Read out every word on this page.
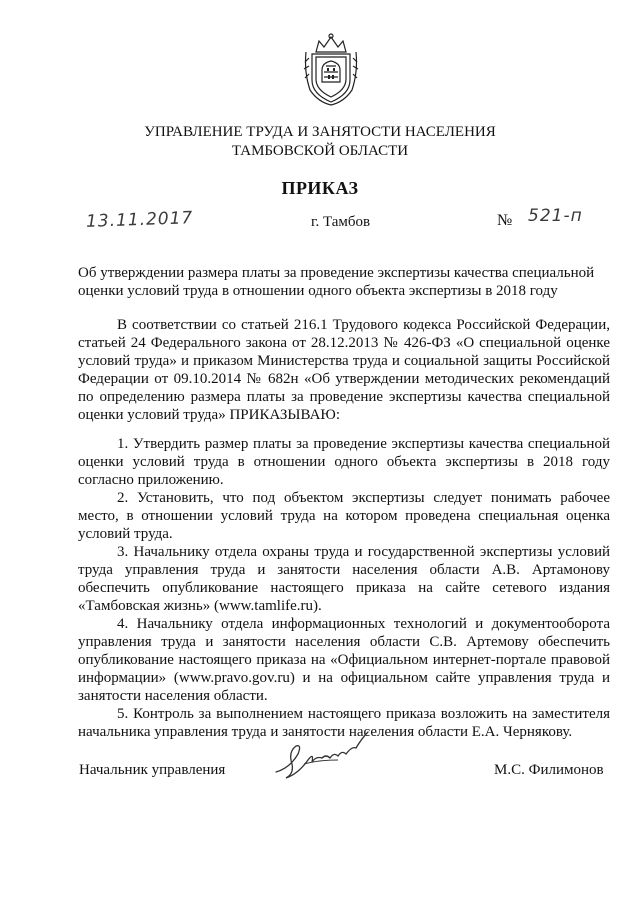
УПРАВЛЕНИЕ ТРУДА И ЗАНЯТОСТИ НАСЕЛЕНИЯ
ТАМБОВСКОЙ ОБЛАСТИ
ПРИКАЗ
13.11.2017	г. Тамбов	№ 521-п
Об утверждении размера платы за проведение экспертизы качества специальной оценки условий труда в отношении одного объекта экспертизы в 2018 году
В соответствии со статьей 216.1 Трудового кодекса Российской Федерации, статьей 24 Федерального закона от 28.12.2013 № 426-ФЗ «О специальной оценке условий труда» и приказом Министерства труда и социальной защиты Российской Федерации от 09.10.2014 № 682н «Об утверждении методических рекомендаций по определению размера платы за проведение экспертизы качества специальной оценки условий труда» ПРИКАЗЫВАЮ:

1. Утвердить размер платы за проведение экспертизы качества специальной оценки условий труда в отношении одного объекта экспертизы в 2018 году согласно приложению.

2. Установить, что под объектом экспертизы следует понимать рабочее место, в отношении условий труда на котором проведена специальная оценка условий труда.

3. Начальнику отдела охраны труда и государственной экспертизы условий труда управления труда и занятости населения области А.В. Артамонову обеспечить опубликование настоящего приказа на сайте сетевого издания «Тамбовская жизнь» (www.tamlife.ru).

4. Начальнику отдела информационных технологий и документооборота управления труда и занятости населения области С.В. Артемову обеспечить опубликование настоящего приказа на «Официальном интернет-портале правовой информации» (www.pravo.gov.ru) и на официальном сайте управления труда и занятости населения области.

5. Контроль за выполнением настоящего приказа возложить на заместителя начальника управления труда и занятости населения области Е.А. Чернякову.

Начальник управления	М.С. Филимонов
